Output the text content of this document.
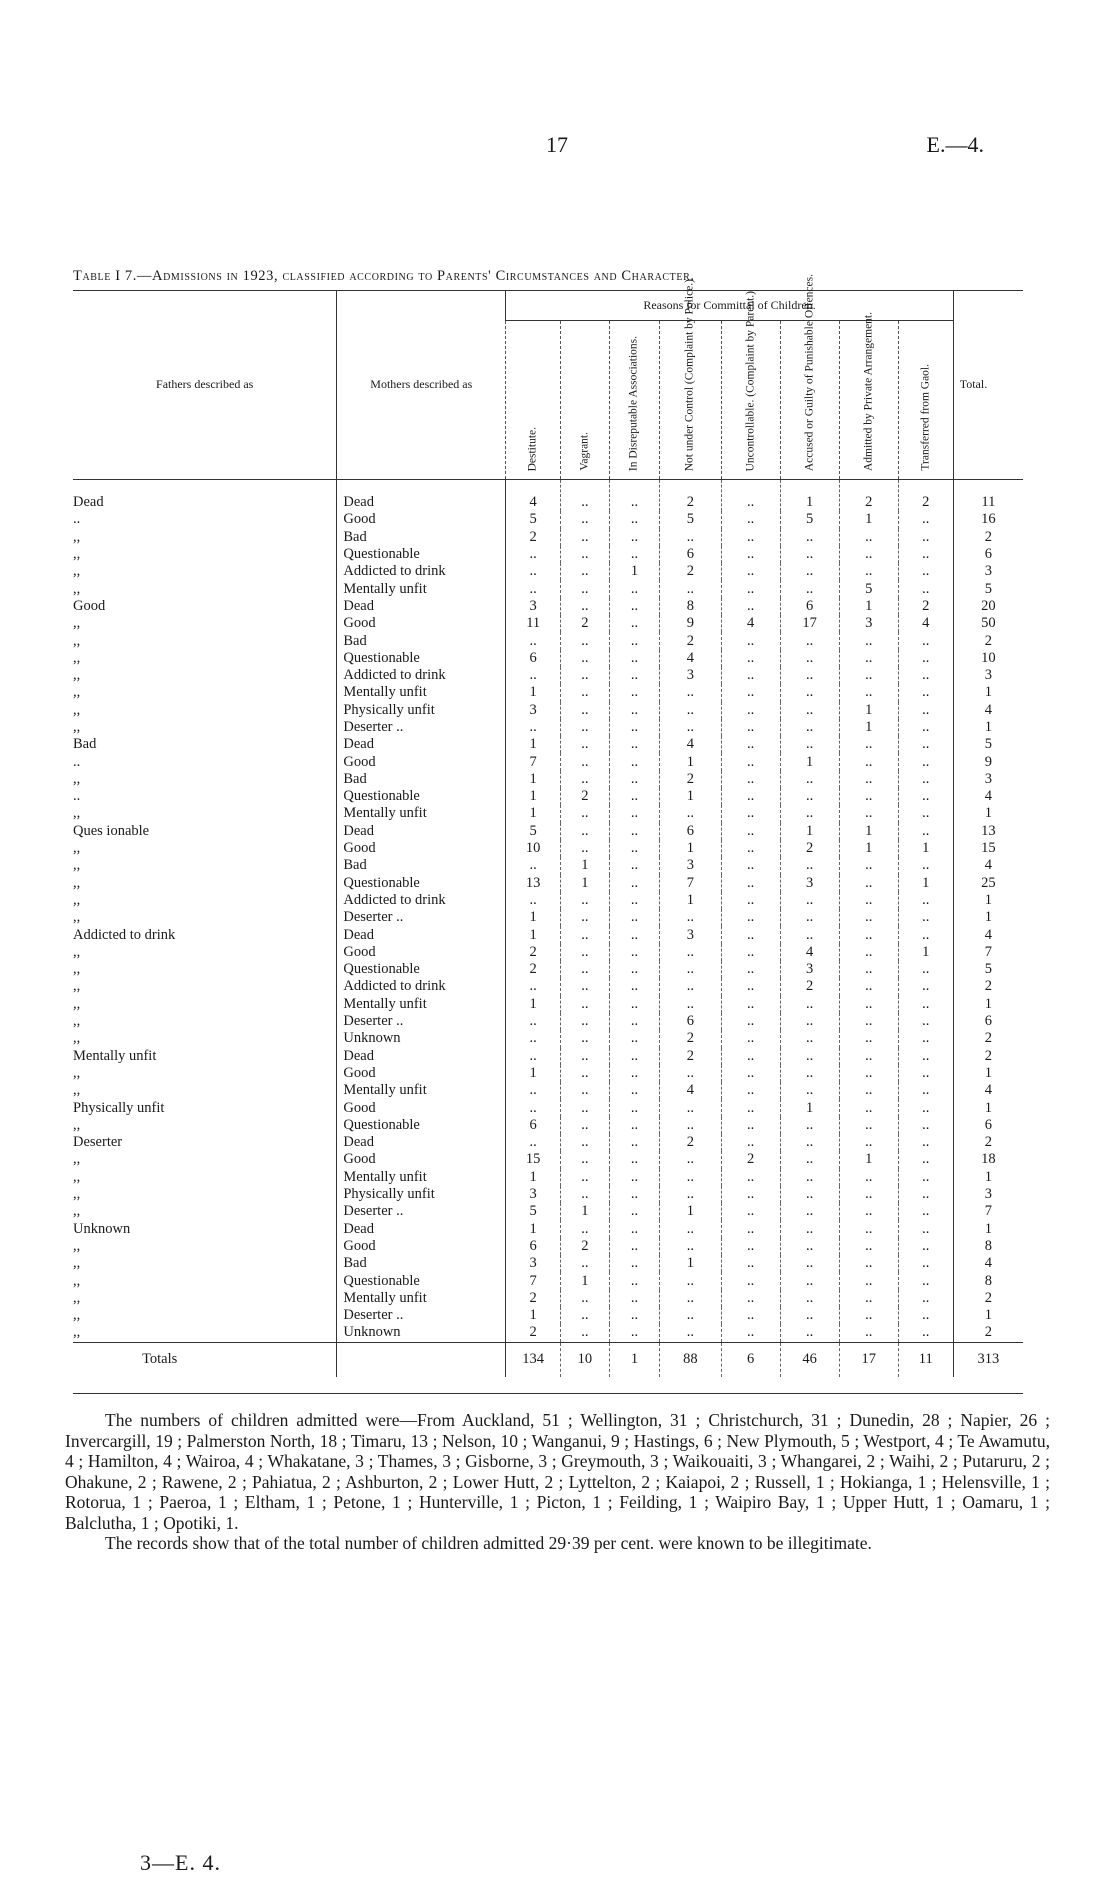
17	E.—4.
Table I 7.—Admissions in 1923, classified according to Parents' Circumstances and Character.
Fathers described as	Mothers described as	Reasons for Committal of Children.								Total.

		Destitute.	Vagrant.	In Disreputable Associations.	Not under Control (Complaint by Police.)	Uncontrollable. (Complaint by Parent.)	Accused or Guilty of Punishable Offences.	Admitted by Private Arrangement.	Transferred from Gaol.	

Dead	Dead	4	..	..	2	..	1	2	2	11
..	Good	5	..	..	5	..	5	1	..	16
,,	Bad	2	..	..	..	..	..	..	..	2
,,	Questionable	..	..	..	6	..	..	..	..	6
,,	Addicted to drink	..	..	1	2	..	..	..	..	3
,,	Mentally unfit	..	..	..	..	..	..	5	..	5
Good	Dead	3	..	..	8	..	6	1	2	20
,,	Good	11	2	..	9	4	17	3	4	50
,,	Bad	..	..	..	2	..	..	..	..	2
,,	Questionable	6	..	..	4	..	..	..	..	10
,,	Addicted to drink	..	..	..	3	..	..	..	..	3
,,	Mentally unfit	1	..	..	..	..	..	..	..	1
,,	Physically unfit	3	..	..	..	..	..	1	..	4
,,	Deserter ..	..	..	..	..	..	..	1	..	1
Bad	Dead	1	..	..	4	..	..	..	..	5
..	Good	7	..	..	1	..	1	..	..	9
,,	Bad	1	..	..	2	..	..	..	..	3
..	Questionable	1	2	..	1	..	..	..	..	4
,,	Mentally unfit	1	..	..	..	..	..	..	..	1
Ques ionable	Dead	5	..	..	6	..	1	1	..	13
,,	Good	10	..	..	1	..	2	1	1	15
,,	Bad	..	1	..	3	..	..	..	..	4
,,	Questionable	13	1	..	7	..	3	..	1	25
,,	Addicted to drink	..	..	..	1	..	..	..	..	1
,,	Deserter ..	1	..	..	..	..	..	..	..	1
Addicted to drink	Dead	1	..	..	3	..	..	..	..	4
,,	Good	2	..	..	..	..	4	..	1	7
,,	Questionable	2	..	..	..	..	3	..	..	5
,,	Addicted to drink	..	..	..	..	..	2	..	..	2
,,	Mentally unfit	1	..	..	..	..	..	..	..	1
,,	Deserter ..	..	..	..	6	..	..	..	..	6
,,	Unknown	..	..	..	2	..	..	..	..	2
Mentally unfit	Dead	..	..	..	2	..	..	..	..	2
,,	Good	1	..	..	..	..	..	..	..	1
,,	Mentally unfit	..	..	..	4	..	..	..	..	4
Physically unfit	Good	..	..	..	..	..	1	..	..	1
,,	Questionable	6	..	..	..	..	..	..	..	6
Deserter	Dead	..	..	..	2	..	..	..	..	2
,,	Good	15	..	..	..	2	..	1	..	18
,,	Mentally unfit	1	..	..	..	..	..	..	..	1
,,	Physically unfit	3	..	..	..	..	..	..	..	3
,,	Deserter ..	5	1	..	1	..	..	..	..	7
Unknown	Dead	1	..	..	..	..	..	..	..	1
,,	Good	6	2	..	..	..	..	..	..	8
,,	Bad	3	..	..	1	..	..	..	..	4
,,	Questionable	7	1	..	..	..	..	..	..	8
,,	Mentally unfit	2	..	..	..	..	..	..	..	2
,,	Deserter ..	1	..	..	..	..	..	..	..	1
,,	Unknown	2	..	..	..	..	..	..	..	2
Totals		134	10	1	88	6	46	17	11	313

The numbers of children admitted were—From Auckland, 51 ; Wellington, 31 ; Christchurch, 31 ; Dunedin, 28 ; Napier, 26 ; Invercargill, 19 ; Palmerston North, 18 ; Timaru, 13 ; Nelson, 10 ; Wanganui, 9 ; Hastings, 6 ; New Plymouth, 5 ; Westport, 4 ; Te Awamutu, 4 ; Hamilton, 4 ; Wairoa, 4 ; Whakatane, 3 ; Thames, 3 ; Gisborne, 3 ; Greymouth, 3 ; Waikouaiti, 3 ; Whangarei, 2 ; Waihi, 2 ; Putaruru, 2 ; Ohakune, 2 ; Rawene, 2 ; Pahiatua, 2 ; Ashburton, 2 ; Lower Hutt, 2 ; Lyttelton, 2 ; Kaiapoi, 2 ; Russell, 1 ; Hokianga, 1 ; Helensville, 1 ; Rotorua, 1 ; Paeroa, 1 ; Eltham, 1 ; Petone, 1 ; Hunterville, 1 ; Picton, 1 ; Feilding, 1 ; Waipiro Bay, 1 ; Upper Hutt, 1 ; Oamaru, 1 ; Balclutha, 1 ; Opotiki, 1.

The records show that of the total number of children admitted 29·39 per cent. were known to be illegitimate.

3—E. 4.
